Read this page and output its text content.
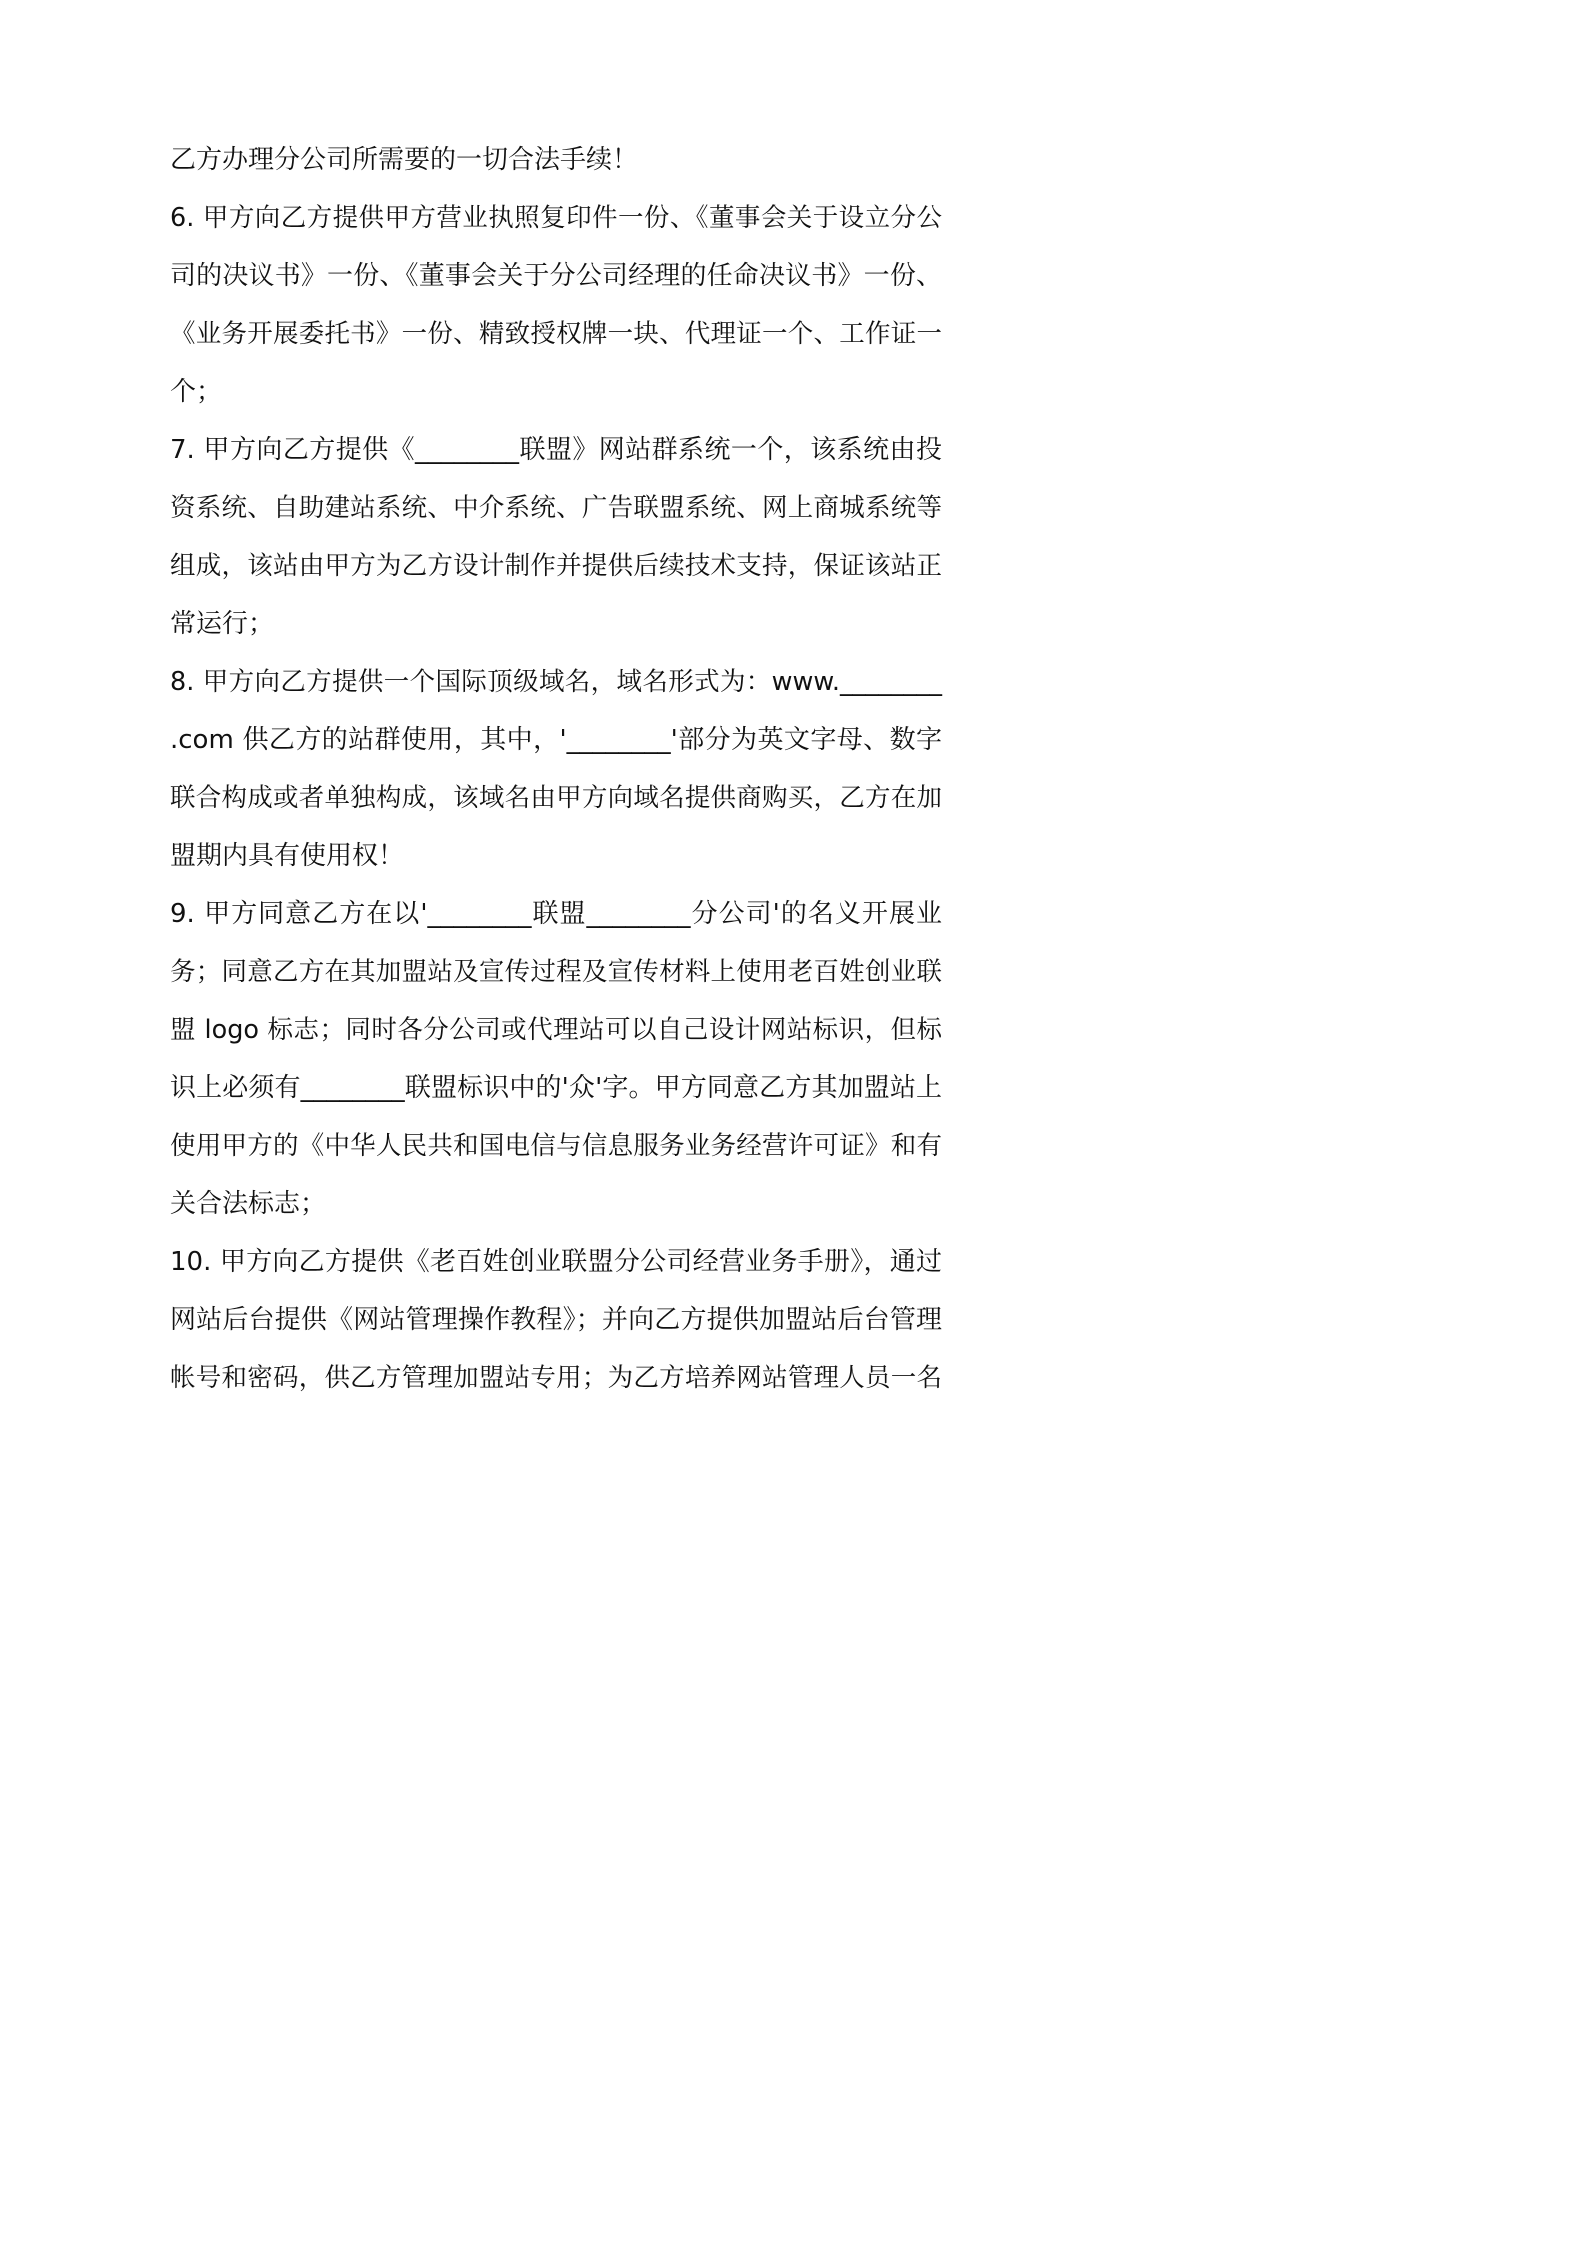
乙方办理分公司所需要的一切合法手续！
6. 甲方向乙方提供甲方营业执照复印件一份、《董事会关于设立分公
司的决议书》一份、《董事会关于分公司经理的任命决议书》一份、
《业务开展委托书》一份、精致授权牌一块、代理证一个、工作证一
个；
7. 甲方向乙方提供《________联盟》网站群系统一个，该系统由投
资系统、自助建站系统、中介系统、广告联盟系统、网上商城系统等
组成，该站由甲方为乙方设计制作并提供后续技术支持，保证该站正
常运行；
8. 甲方向乙方提供一个国际顶级域名，域名形式为：www.________
.com 供乙方的站群使用，其中，'________'部分为英文字母、数字
联合构成或者单独构成，该域名由甲方向域名提供商购买，乙方在加
盟期内具有使用权！
9. 甲方同意乙方在以'________联盟________分公司'的名义开展业
务；同意乙方在其加盟站及宣传过程及宣传材料上使用老百姓创业联
盟 logo 标志；同时各分公司或代理站可以自己设计网站标识，但标
识上必须有________联盟标识中的'众'字。甲方同意乙方其加盟站上
使用甲方的《中华人民共和国电信与信息服务业务经营许可证》和有
关合法标志；
10. 甲方向乙方提供《老百姓创业联盟分公司经营业务手册》，通过
网站后台提供《网站管理操作教程》；并向乙方提供加盟站后台管理
帐号和密码，供乙方管理加盟站专用；为乙方培养网站管理人员一名
